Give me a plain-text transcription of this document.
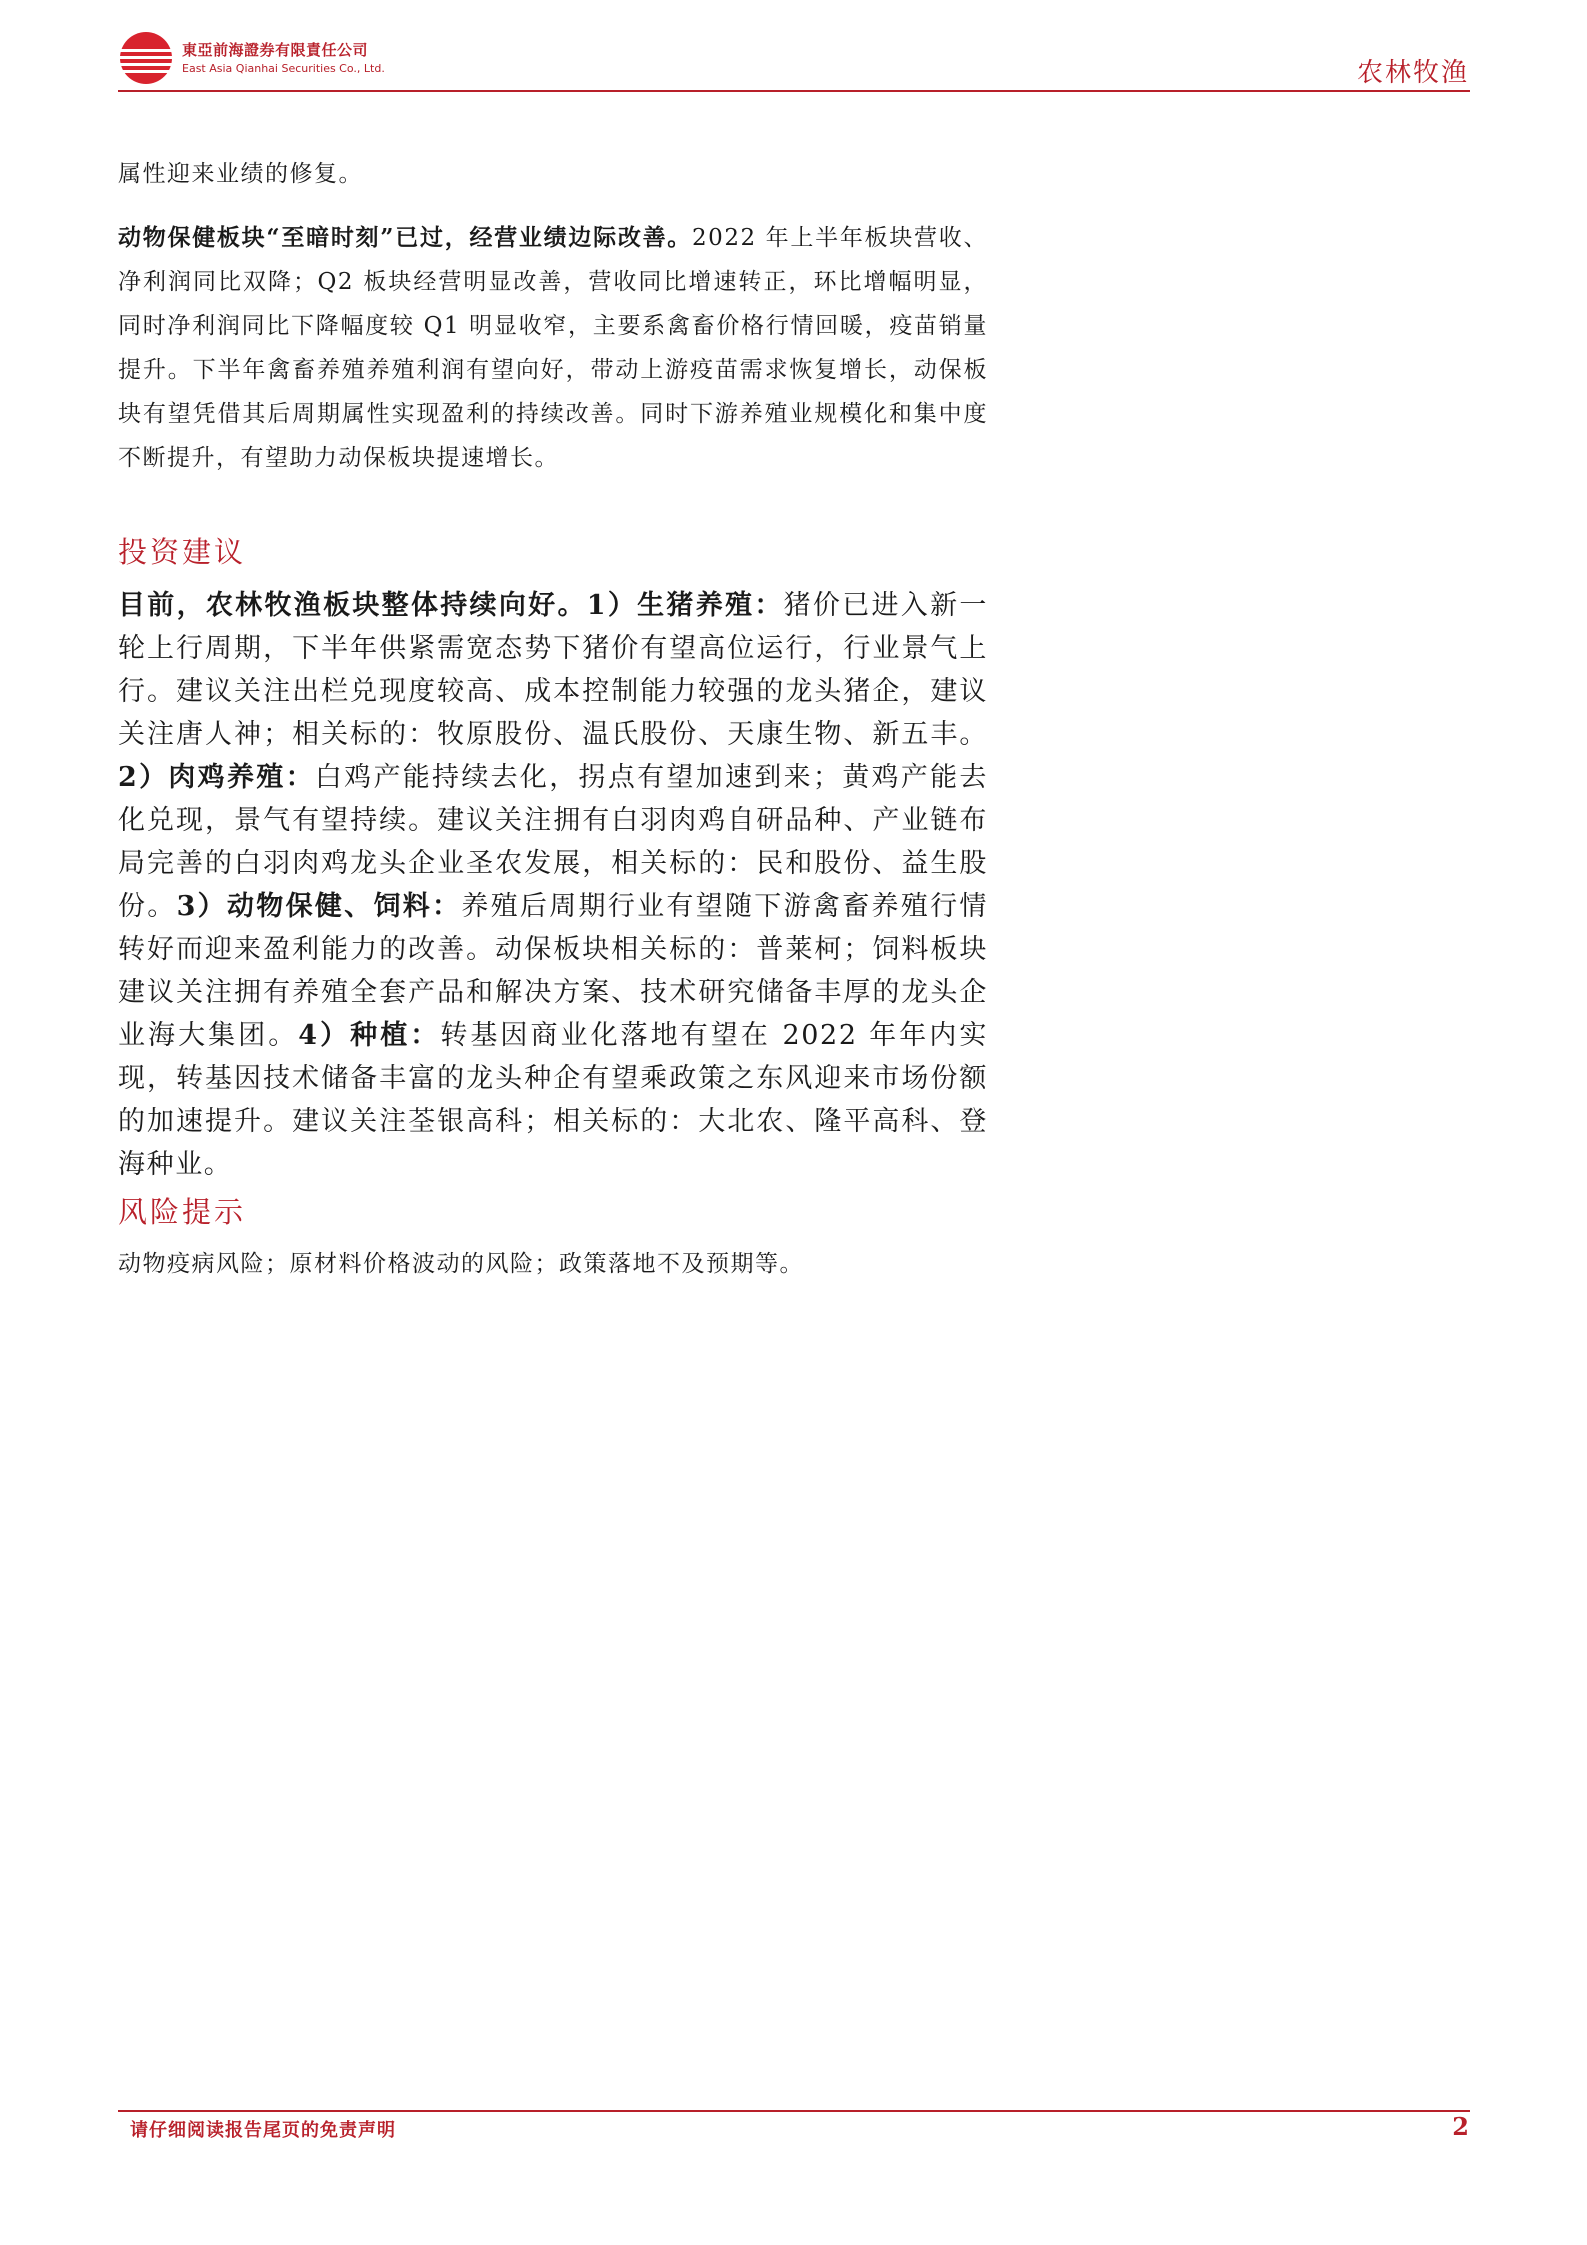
東亞前海證券有限責任公司
East Asia Qianhai Securities Co., Ltd.	农林牧渔

属性迎来业绩的修复。

动物保健板块“至暗时刻”已过，经营业绩边际改善。2022 年上半年板块营收、净利润同比双降；Q2 板块经营明显改善，营收同比增速转正，环比增幅明显，同时净利润同比下降幅度较 Q1 明显收窄，主要系禽畜价格行情回暖，疫苗销量提升。下半年禽畜养殖养殖利润有望向好，带动上游疫苗需求恢复增长，动保板块有望凭借其后周期属性实现盈利的持续改善。同时下游养殖业规模化和集中度不断提升，有望助力动保板块提速增长。

投资建议

目前，农林牧渔板块整体持续向好。1）生猪养殖：猪价已进入新一轮上行周期，下半年供紧需宽态势下猪价有望高位运行，行业景气上行。建议关注出栏兑现度较高、成本控制能力较强的龙头猪企，建议关注唐人神；相关标的：牧原股份、温氏股份、天康生物、新五丰。2）肉鸡养殖：白鸡产能持续去化，拐点有望加速到来；黄鸡产能去化兑现，景气有望持续。建议关注拥有白羽肉鸡自研品种、产业链布局完善的白羽肉鸡龙头企业圣农发展，相关标的：民和股份、益生股份。3）动物保健、饲料：养殖后周期行业有望随下游禽畜养殖行情转好而迎来盈利能力的改善。动保板块相关标的：普莱柯；饲料板块建议关注拥有养殖全套产品和解决方案、技术研究储备丰厚的龙头企业海大集团。4）种植：转基因商业化落地有望在 2022 年年内实现，转基因技术储备丰富的龙头种企有望乘政策之东风迎来市场份额的加速提升。建议关注荃银高科；相关标的：大北农、隆平高科、登海种业。

风险提示

动物疫病风险；原材料价格波动的风险；政策落地不及预期等。

请仔细阅读报告尾页的免责声明	2
